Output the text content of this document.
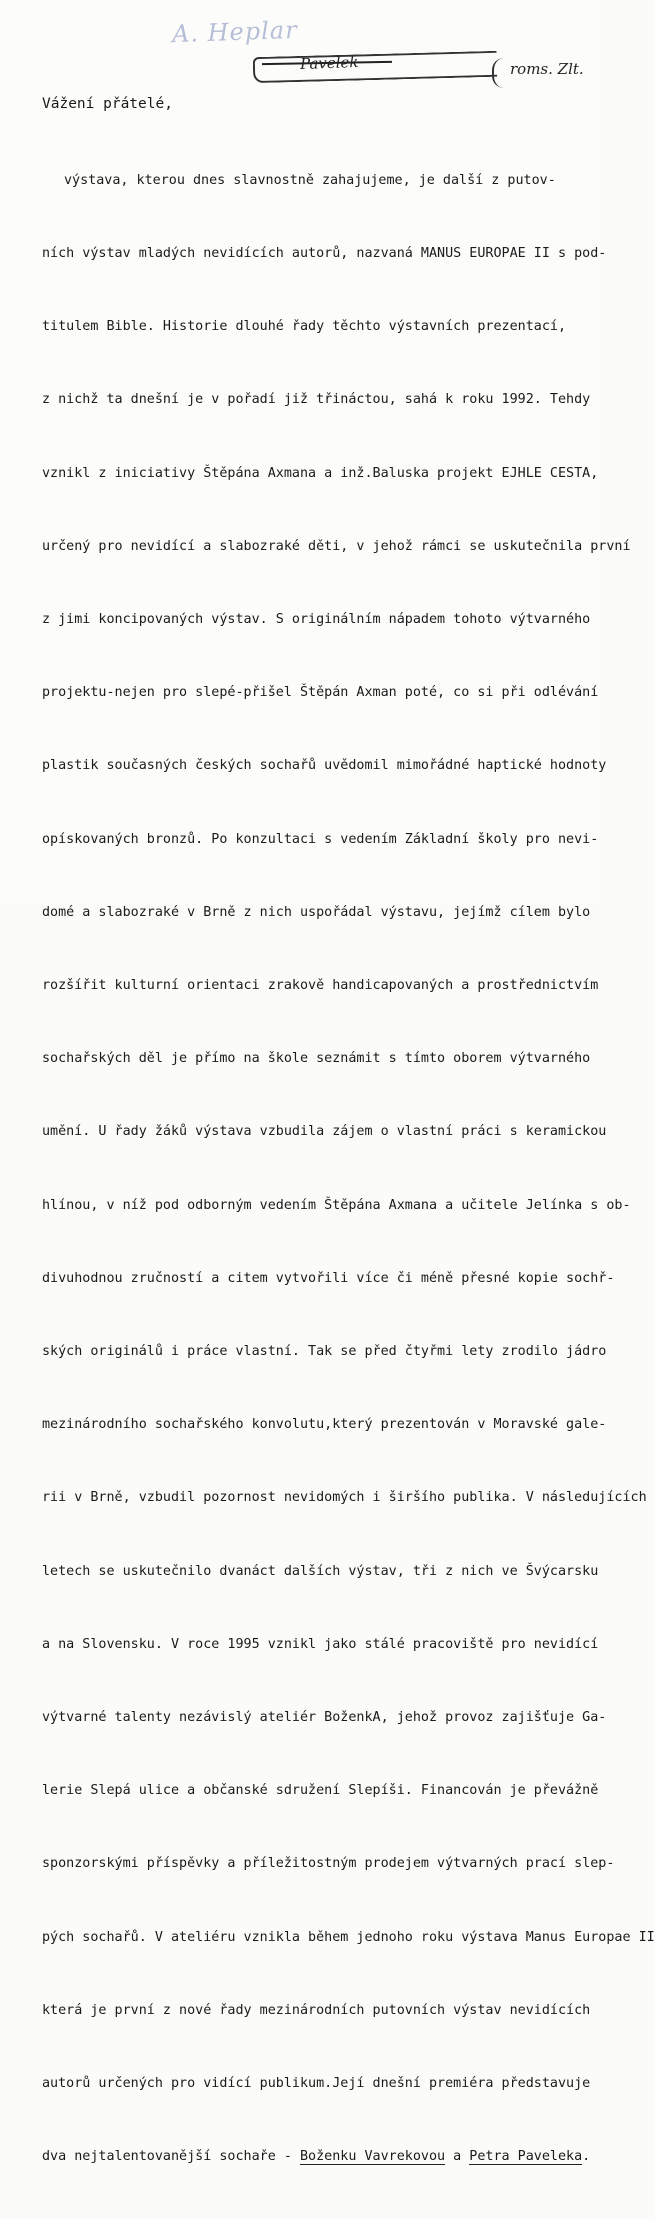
A. Heplar
Pavelek	roms. Zlt.
Vážení přátelé,

výstava, kterou dnes slavnostně zahajujeme, je další z putov-

ních výstav mladých nevidících autorů, nazvaná MANUS EUROPAE II s pod-

titulem Bible. Historie dlouhé řady těchto výstavních prezentací,

z nichž ta dnešní je v pořadí již třináctou, sahá k roku 1992. Tehdy

vznikl z iniciativy Štěpána Axmana a inž.Baluska projekt EJHLE CESTA,

určený pro nevidící a slabozraké děti, v jehož rámci se uskutečnila první

z jimi koncipovaných výstav. S originálním nápadem tohoto výtvarného

projektu-nejen pro slepé-přišel Štěpán Axman poté, co si při odlévání

plastik současných českých sochařů uvědomil mimořádné haptické hodnoty

opískovaných bronzů. Po konzultaci s vedením Základní školy pro nevi-

domé a slabozraké v Brně z nich uspořádal výstavu, jejímž cílem bylo

rozšířit kulturní orientaci zrakově handicapovaných a prostřednictvím

sochařských děl je přímo na škole seznámit s tímto oborem výtvarného

umění. U řady žáků výstava vzbudila zájem o vlastní práci s keramickou

hlínou, v níž pod odborným vedením Štěpána Axmana a učitele Jelínka s ob-

divuhodnou zručností a citem vytvořili více či méně přesné kopie sochř-

ských originálů i práce vlastní. Tak se před čtyřmi lety zrodilo jádro

mezinárodního sochařského konvolutu,který prezentován v Moravské gale-

rii v Brně, vzbudil pozornost nevidomých i širšího publika. V následujících

letech se uskutečnilo dvanáct dalších výstav, tři z nich ve Švýcarsku

a na Slovensku. V roce 1995 vznikl jako stálé pracoviště pro nevidící

výtvarné talenty nezávislý ateliér BoženkA, jehož provoz zajišťuje Ga-

lerie Slepá ulice a občanské sdružení Slepíši. Financován je převážně

sponzorskými příspěvky a příležitostným prodejem výtvarných prací slep-

pých sochařů. V ateliéru vznikla během jednoho roku výstava Manus Europae II

která je první z nové řady mezinárodních putovních výstav nevidících

autorů určených pro vidící publikum.Její dnešní premiéra představuje

dva nejtalentovanější sochaře - Boženku Vavrekovou a Petra Paveleka.
